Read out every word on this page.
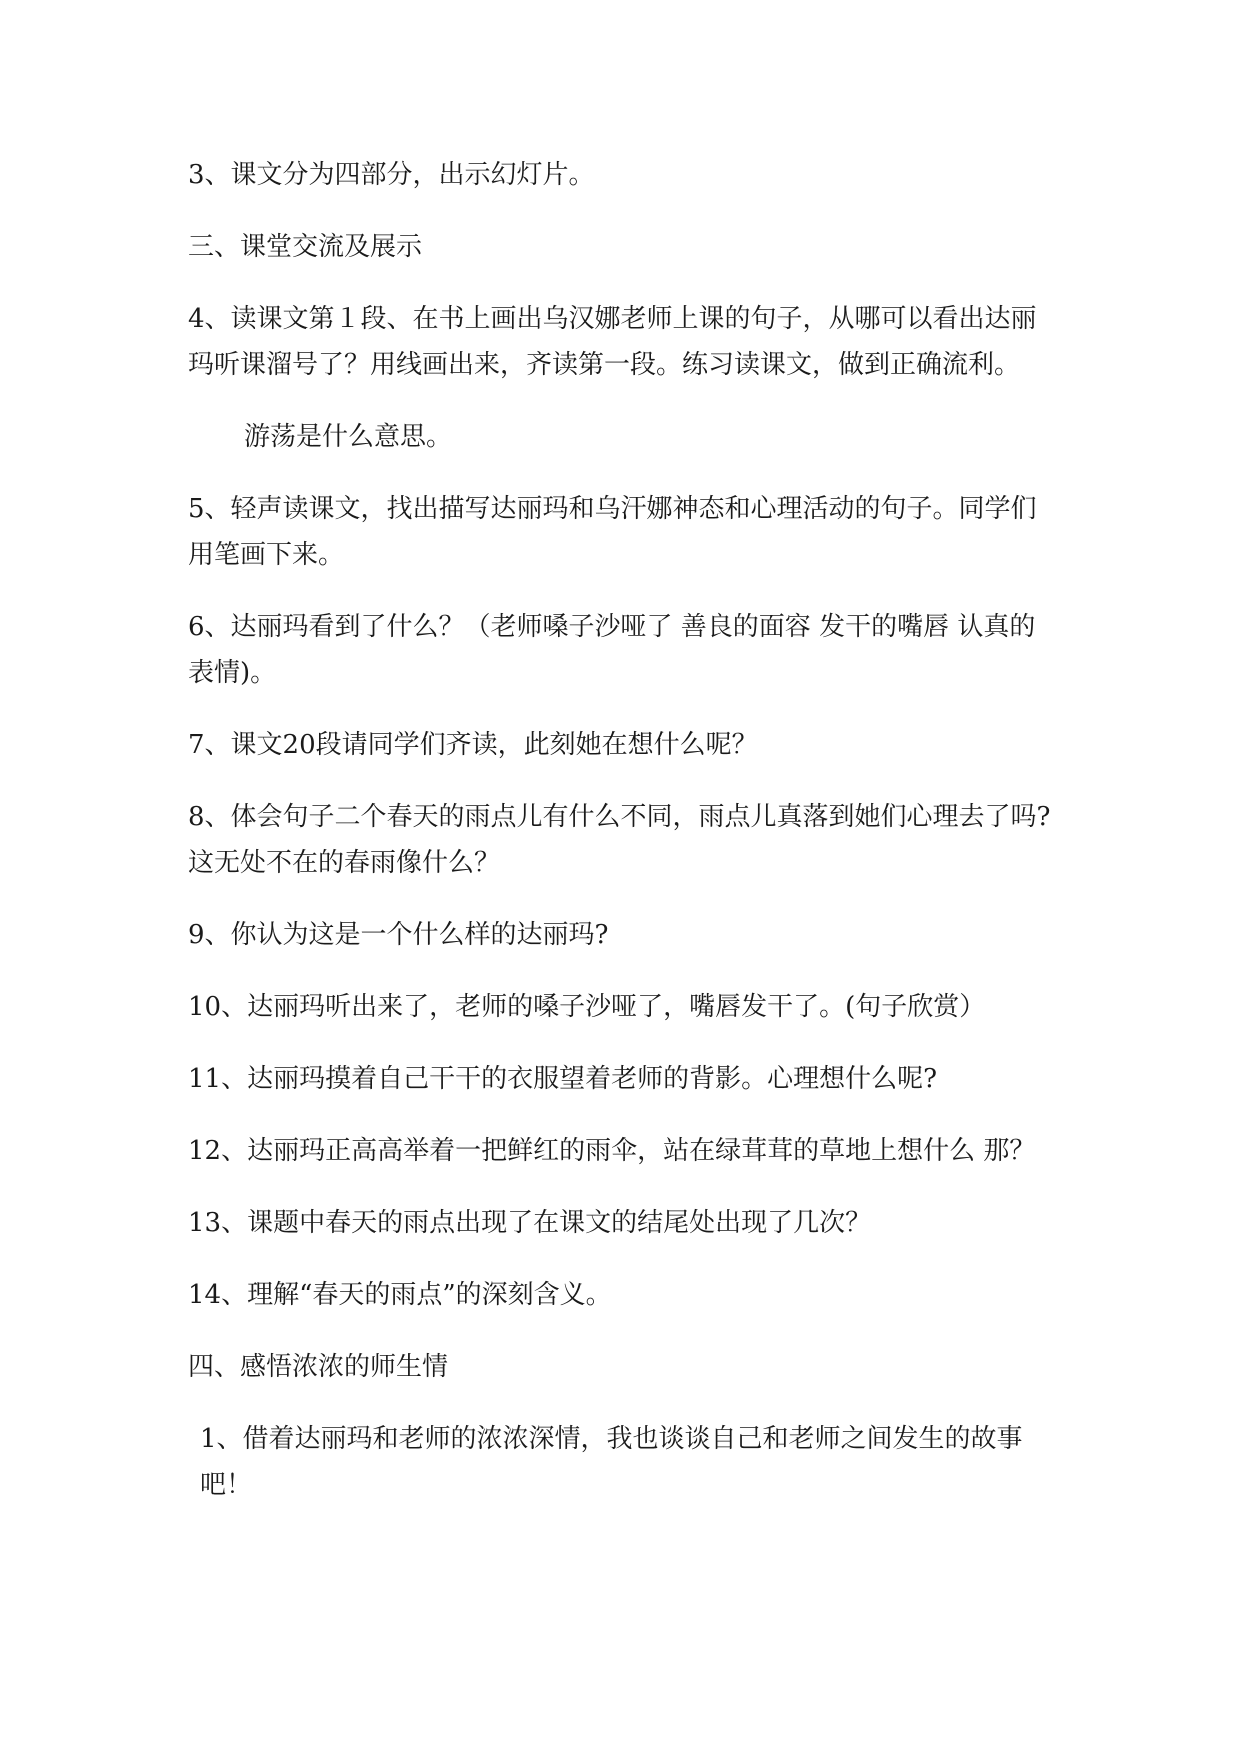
3、课文分为四部分，出示幻灯片。

三、课堂交流及展示

4、读课文第１段、在书上画出乌汉娜老师上课的句子，从哪可以看出达丽玛听课溜号了？用线画出来，齐读第一段。练习读课文，做到正确流利。

游荡是什么意思。

5、轻声读课文，找出描写达丽玛和乌汗娜神态和心理活动的句子。同学们用笔画下来。

6、达丽玛看到了什么？（老师嗓子沙哑了 善良的面容 发干的嘴唇 认真的表情)。

7、课文20段请同学们齐读，此刻她在想什么呢？

8、体会句子二个春天的雨点儿有什么不同，雨点儿真落到她们心理去了吗?这无处不在的春雨像什么？

9、你认为这是一个什么样的达丽玛?

10、达丽玛听出来了，老师的嗓子沙哑了，嘴唇发干了。(句子欣赏）

11、达丽玛摸着自己干干的衣服望着老师的背影。心理想什么呢?

12、达丽玛正高高举着一把鲜红的雨伞，站在绿茸茸的草地上想什么 那？

13、课题中春天的雨点出现了在课文的结尾处出现了几次？

14、理解“春天的雨点”的深刻含义。

四、感悟浓浓的师生情

1、借着达丽玛和老师的浓浓深情，我也谈谈自己和老师之间发生的故事吧！
